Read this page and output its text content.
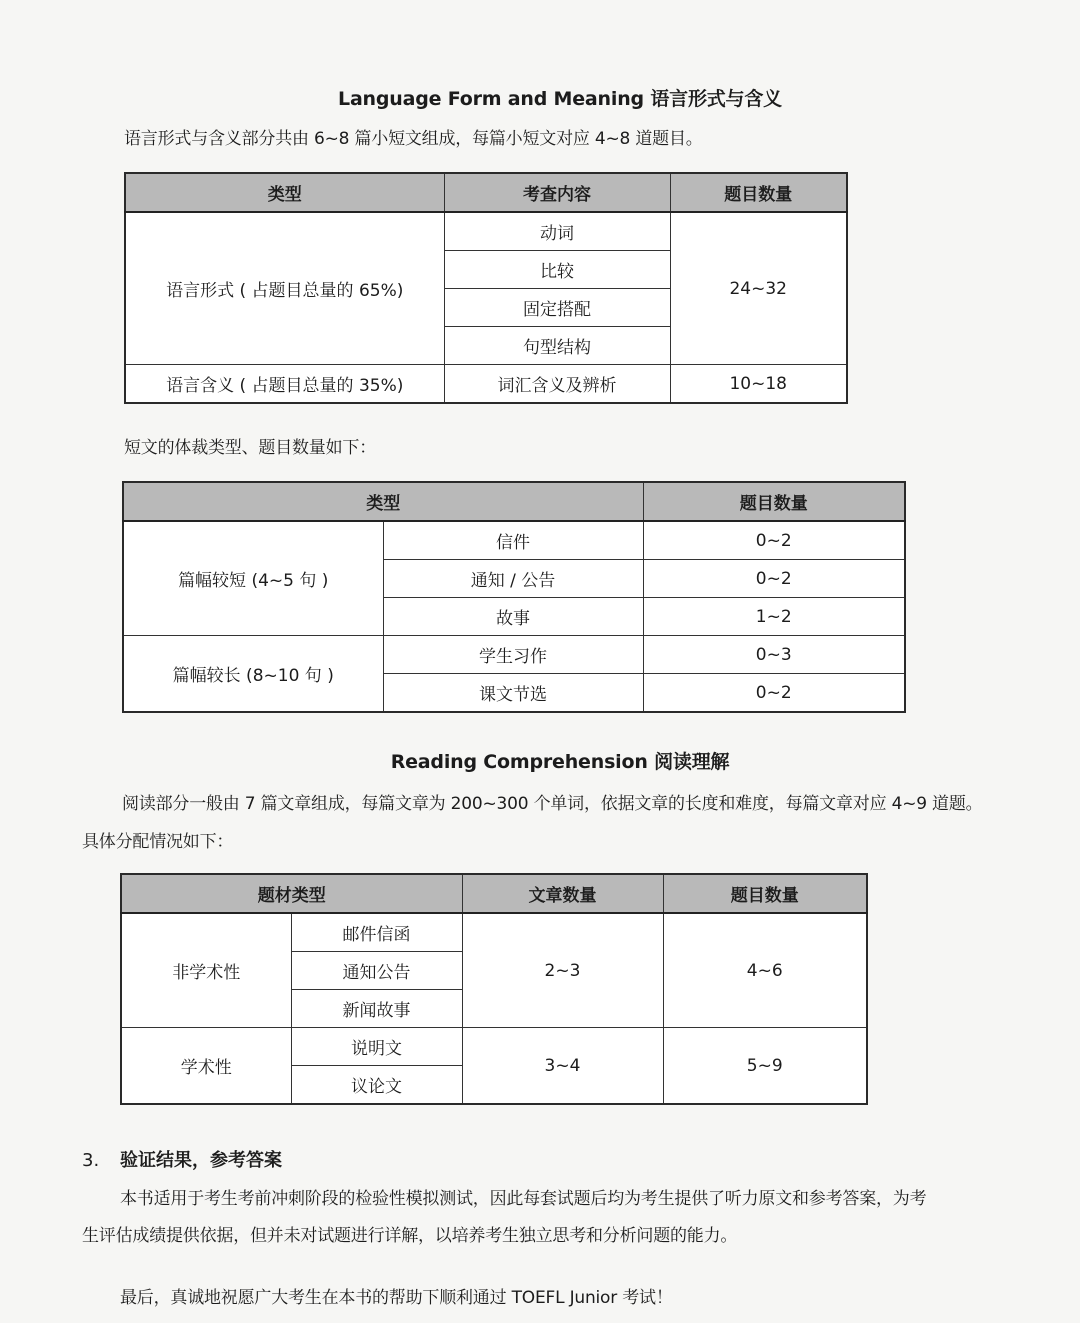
Language Form and Meaning 语言形式与含义

语言形式与含义部分共由 6~8 篇小短文组成，每篇小短文对应 4~8 道题目。

类型	考查内容	题目数量
语言形式 ( 占题目总量的 65%)	动词	24~32
	比较	
	固定搭配	
	句型结构	
语言含义 ( 占题目总量的 35%)	词汇含义及辨析	10~18

短文的体裁类型、题目数量如下：

类型		题目数量
篇幅较短 (4~5 句 )	信件	0~2
	通知 / 公告	0~2
	故事	1~2
篇幅较长 (8~10 句 )	学生习作	0~3
	课文节选	0~2
Reading Comprehension 阅读理解

阅读部分一般由 7 篇文章组成，每篇文章为 200~300 个单词，依据文章的长度和难度，每篇文章对应 4~9 道题。

具体分配情况如下：

题材类型		文章数量	题目数量
非学术性	邮件信函	2~3	4~6
	通知公告		
	新闻故事		
学术性	说明文	3~4	5~9
	议论文		
3. 验证结果，参考答案

本书适用于考生考前冲刺阶段的检验性模拟测试，因此每套试题后均为考生提供了听力原文和参考答案，为考

生评估成绩提供依据，但并未对试题进行详解，以培养考生独立思考和分析问题的能力。

最后，真诚地祝愿广大考生在本书的帮助下顺利通过 TOEFL Junior 考试！
